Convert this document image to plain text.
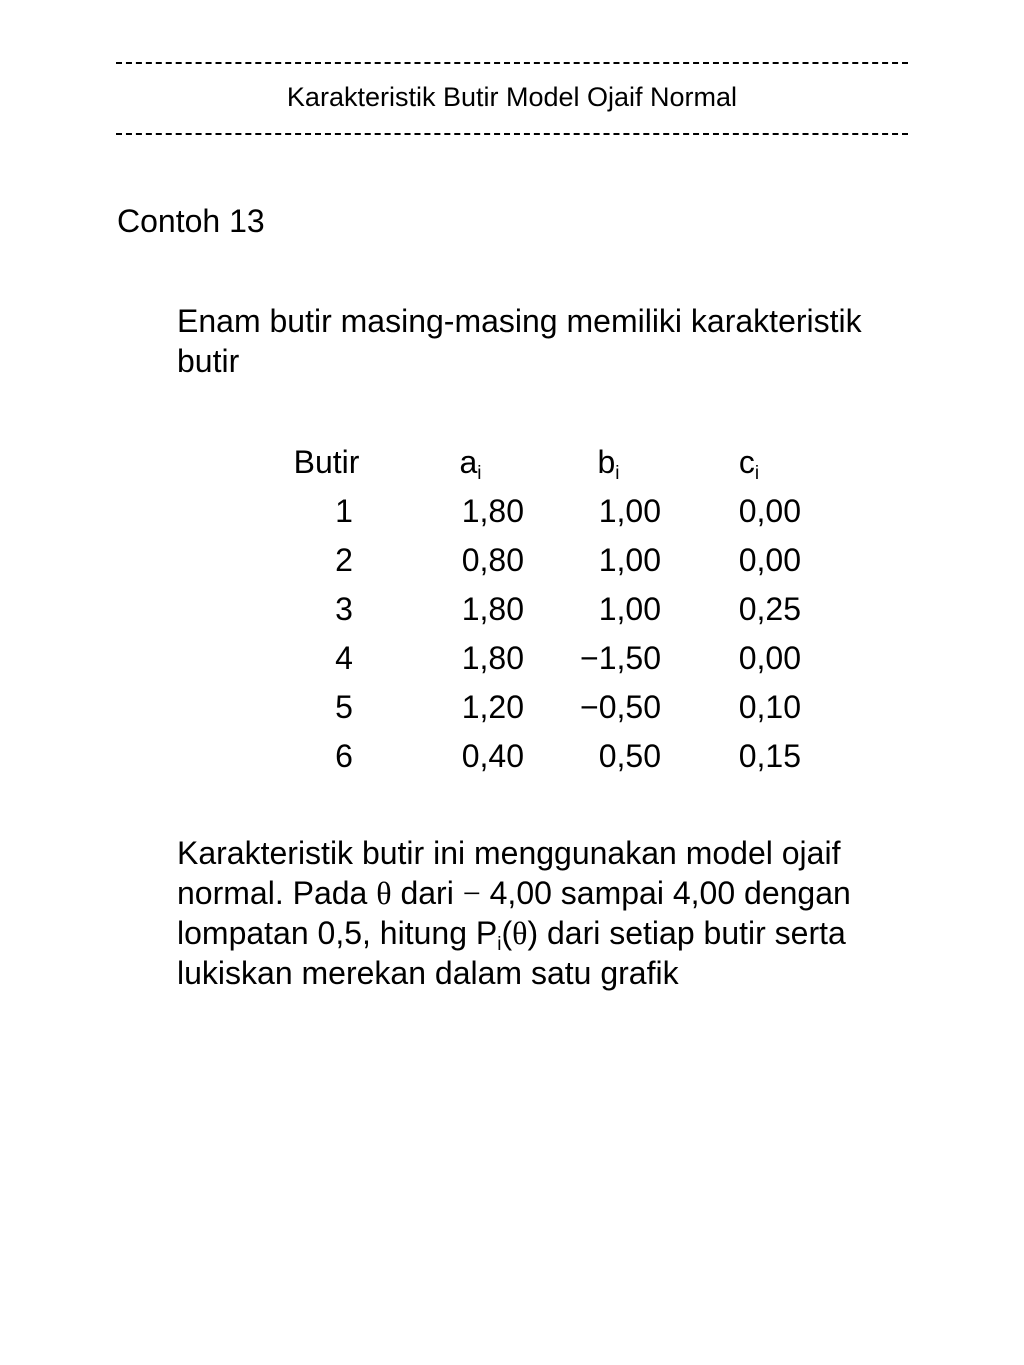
Karakteristik Butir Model Ojaif Normal
Contoh 13
Enam butir masing-masing memiliki karakteristik butir
Butir	$a_i$	$b_i$	$c_i$
1	1,80	1,00	0,00
2	0,80	1,00	0,00
3	1,80	1,00	0,25
4	1,80	−1,50	0,00
5	1,20	−0,50	0,10
6	0,40	0,50	0,15
Karakteristik butir ini menggunakan model ojaif normal. Pada θ dari − 4,00 sampai 4,00 dengan lompatan 0,5, hitung $P_i(\theta)$ dari setiap butir serta lukiskan merekan dalam satu grafik
